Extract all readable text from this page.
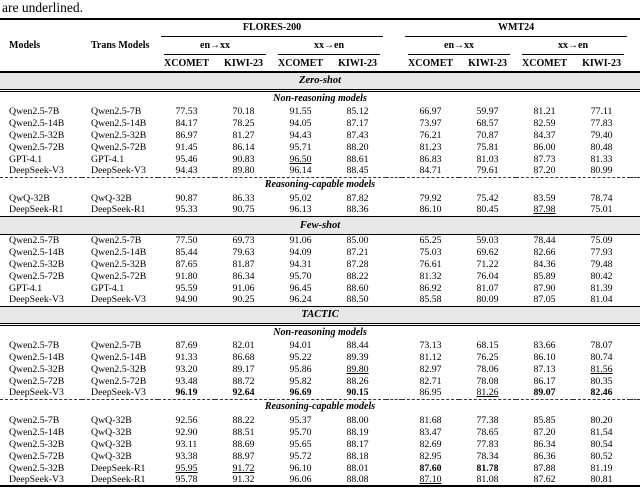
are underlined.
Models	Trans Models	FLORES-200					WMT24				

		en→xx		xx→en			en→xx		xx→en		

		XCOMET	KIWI-23	XCOMET	KIWI-23		XCOMET	KIWI-23	XCOMET	KIWI-23	
Zero-shot											
Non-reasoning models											
Qwen2.5-7B	Qwen2.5-7B	77.53	70.18	91.55	85.12		66.97	59.97	81.21	77.11	
Qwen2.5-14B	Qwen2.5-14B	84.17	78.25	94.05	87.17		73.97	68.57	82.59	77.83	
Qwen2.5-32B	Qwen2.5-32B	86.97	81.27	94.43	87.43		76.21	70.87	84.37	79.40	
Qwen2.5-72B	Qwen2.5-72B	91.45	86.14	95.71	88.20		81.23	75.81	86.00	80.48	
GPT-4.1	GPT-4.1	95.46	90.83	96.50	88.61		86.83	81.03	87.73	81.33	
DeepSeek-V3	DeepSeek-V3	94.43	89.80	96.14	88.45		84.71	79.61	87.20	80.99	
Reasoning-capable models											
QwQ-32B	QwQ-32B	90.87	86.33	95.02	87.82		79.92	75.42	83.59	78.74	
DeepSeek-R1	DeepSeek-R1	95.33	90.75	96.13	88.36		86.10	80.45	87.98	75.01	
Few-shot											
Qwen2.5-7B	Qwen2.5-7B	77.50	69.73	91.06	85.00		65.25	59.03	78.44	75.09	
Qwen2.5-14B	Qwen2.5-14B	85.44	79.63	94.09	87.21		75.03	69.62	82.66	77.93	
Qwen2.5-32B	Qwen2.5-32B	87.65	81.87	94.31	87.28		76.61	71.22	84.36	79.48	
Qwen2.5-72B	Qwen2.5-72B	91.80	86.34	95.70	88.22		81.32	76.04	85.89	80.42	
GPT-4.1	GPT-4.1	95.59	91.06	96.45	88.60		86.92	81.07	87.90	81.39	
DeepSeek-V3	DeepSeek-V3	94.90	90.25	96.24	88.50		85.58	80.09	87.05	81.04	
TACTIC											
Non-reasoning models											
Qwen2.5-7B	Qwen2.5-7B	87.69	82.01	94.01	88.44		73.13	68.15	83.66	78.07	
Qwen2.5-14B	Qwen2.5-14B	91.33	86.68	95.22	89.39		81.12	76.25	86.10	80.74	
Qwen2.5-32B	Qwen2.5-32B	93.20	89.17	95.86	89.80		82.97	78.06	87.13	81.56	
Qwen2.5-72B	Qwen2.5-72B	93.48	88.72	95.82	88.26		82.71	78.08	86.17	80.35	
DeepSeek-V3	DeepSeek-V3	96.19	92.64	96.69	90.15		86.95	81.26	89.07	82.46	
Reasoning-capable models											
Qwen2.5-7B	QwQ-32B	92.56	88.22	95.37	88.00		81.68	77.38	85.85	80.20	
Qwen2.5-14B	QwQ-32B	92.90	88.51	95.70	88.19		83.47	78.65	87.20	81.54	
Qwen2.5-32B	QwQ-32B	93.11	88.69	95.65	88.17		82.69	77.83	86.34	80.54	
Qwen2.5-72B	QwQ-32B	93.38	88.97	95.72	88.18		82.95	78.34	86.36	80.52	
Qwen2.5-32B	DeepSeek-R1	95.95	91.72	96.10	88.01		87.60	81.78	87.88	81.19	
DeepSeek-V3	DeepSeek-R1	95.78	91.32	96.06	88.08		87.10	81.08	87.62	80.81	
